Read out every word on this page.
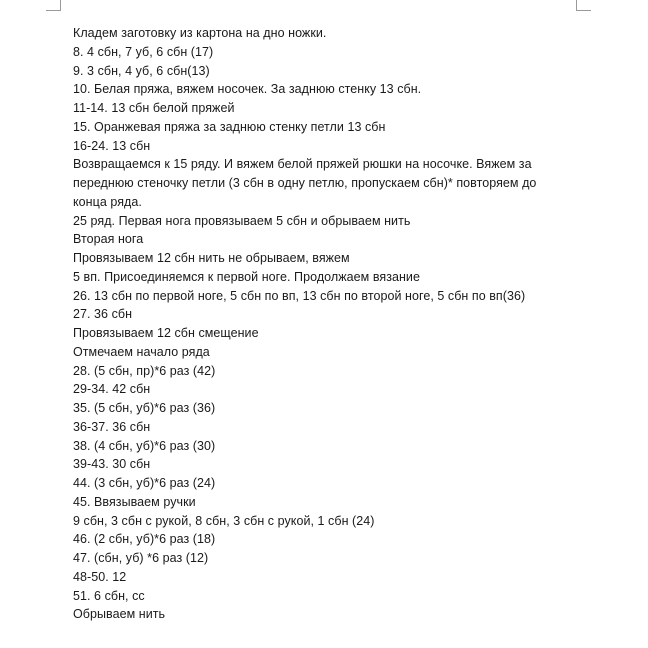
Кладем заготовку из картона на дно ножки.
8. 4 сбн, 7 уб, 6 сбн (17)
9. 3 сбн, 4 уб, 6 сбн(13)
10. Белая пряжа, вяжем носочек. За заднюю стенку 13 сбн.
11-14. 13 сбн белой пряжей
15. Оранжевая пряжа за заднюю стенку петли 13 сбн
16-24. 13 сбн
Возвращаемся к 15 ряду. И вяжем белой пряжей рюшки на носочке. Вяжем за
переднюю стеночку петли (3 сбн в одну петлю, пропускаем сбн)* повторяем до
конца ряда.
25 ряд. Первая нога провязываем 5 сбн и обрываем нить
Вторая нога
Провязываем 12 сбн нить не обрываем, вяжем
5 вп. Присоединяемся к первой ноге. Продолжаем вязание
26. 13 сбн по первой ноге, 5 сбн по вп, 13 сбн по второй ноге, 5 сбн по вп(36)
27. 36 сбн
Провязываем 12 сбн смещение
Отмечаем начало ряда
28. (5 сбн, пр)*6 раз (42)
29-34. 42 сбн
35. (5 сбн, уб)*6 раз (36)
36-37. 36 сбн
38. (4 сбн, уб)*6 раз (30)
39-43. 30 сбн
44. (3 сбн, уб)*6 раз (24)
45. Ввязываем ручки
9 сбн, 3 сбн с рукой, 8 сбн, 3 сбн с рукой, 1 сбн (24)
46. (2 сбн, уб)*6 раз (18)
47. (сбн, уб) *6 раз (12)
48-50. 12
51. 6 сбн, сс
Обрываем нить
